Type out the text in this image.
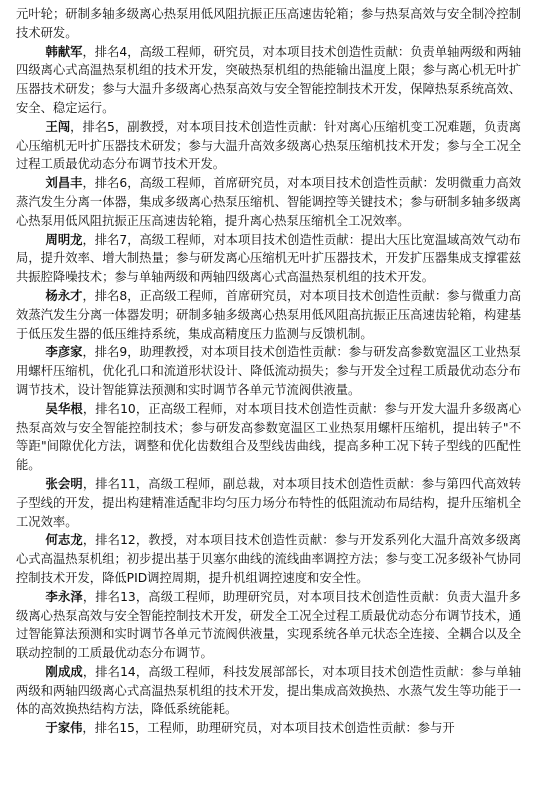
元叶轮；研制多轴多级离心热泵用低风阻抗振正压高速齿轮箱；参与热泵高效与安全制冷控制技术研发。

韩献军，排名4，高级工程师，研究员，对本项目技术创造性贡献：负责单轴两级和两轴四级离心式高温热泵机组的技术开发，突破热泵机组的热能输出温度上限；参与离心机无叶扩压器技术研发；参与大温升多级离心热泵高效与安全智能控制技术开发，保障热泵系统高效、安全、稳定运行。

王闯，排名5，副教授，对本项目技术创造性贡献：针对离心压缩机变工况难题，负责离心压缩机无叶扩压器技术研发；参与大温升高效多级离心热泵压缩机技术开发；参与全工况全过程工质最优动态分布调节技术开发。

刘昌丰，排名6，高级工程师，首席研究员，对本项目技术创造性贡献：发明微重力高效蒸汽发生分离一体器，集成多级离心热泵压缩机、智能调控等关键技术；参与研制多轴多级离心热泵用低风阻抗振正压高速齿轮箱，提升离心热泵压缩机全工况效率。

周明龙，排名7，高级工程师，对本项目技术创造性贡献：提出大压比宽温域高效气动布局，提升效率、增大制热量；参与研发离心压缩机无叶扩压器技术，开发扩压器集成支撑霍兹共振腔降噪技术；参与单轴两级和两轴四级离心式高温热泵机组的技术开发。

杨永才，排名8，正高级工程师，首席研究员，对本项目技术创造性贡献：参与微重力高效蒸汽发生分离一体器发明；研制多轴多级离心热泵用低风阻高抗振正压高速齿轮箱，构建基于低压发生器的低压维持系统，集成高精度压力监测与反馈机制。

李彦家，排名9，助理教授，对本项目技术创造性贡献：参与研发高参数宽温区工业热泵用螺杆压缩机，优化孔口和流道形状设计、降低流动损失；参与开发全过程工质最优动态分布调节技术，设计智能算法预测和实时调节各单元节流阀供液量。

吴华根，排名10，正高级工程师，对本项目技术创造性贡献：参与开发大温升多级离心热泵高效与安全智能控制技术；参与研发高参数宽温区工业热泵用螺杆压缩机，提出转子"不等距"间隙优化方法，调整和优化齿数组合及型线齿曲线，提高多种工况下转子型线的匹配性能。

张会明，排名11，高级工程师，副总裁，对本项目技术创造性贡献：参与第四代高效转子型线的开发，提出构建精准适配非均匀压力场分布特性的低阻流动布局结构，提升压缩机全工况效率。

何志龙，排名12，教授，对本项目技术创造性贡献：参与开发系列化大温升高效多级离心式高温热泵机组；初步提出基于贝塞尔曲线的流线曲率调控方法；参与变工况多级补气协同控制技术开发，降低PID调控周期，提升机组调控速度和安全性。

李永泽，排名13，高级工程师，助理研究员，对本项目技术创造性贡献：负责大温升多级离心热泵高效与安全智能控制技术开发，研发全工况全过程工质最优动态分布调节技术，通过智能算法预测和实时调节各单元节流阀供液量，实现系统各单元状态全连接、全耦合以及全联动控制的工质最优动态分布调节。

刚成成，排名14，高级工程师，科技发展部部长，对本项目技术创造性贡献：参与单轴两级和两轴四级离心式高温热泵机组的技术开发，提出集成高效换热、水蒸气发生等功能于一体的高效换热结构方法，降低系统能耗。

于家伟，排名15，工程师，助理研究员，对本项目技术创造性贡献：参与开
